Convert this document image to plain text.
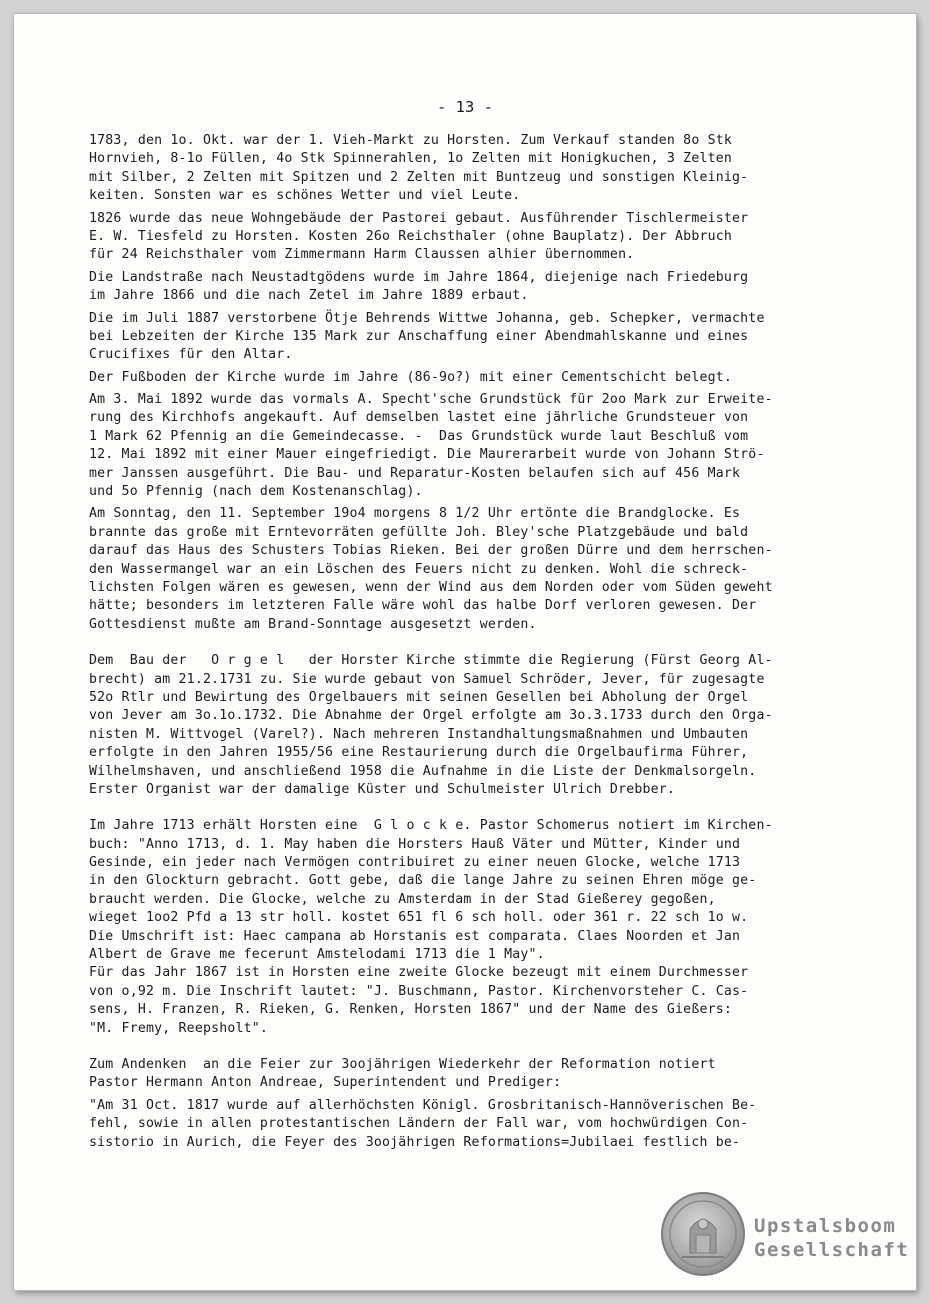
- 13 -
1783, den 1o. Okt. war der 1. Vieh-Markt zu Horsten. Zum Verkauf standen 8o Stk
Hornvieh, 8-1o Füllen, 4o Stk Spinnerahlen, 1o Zelten mit Honigkuchen, 3 Zelten
mit Silber, 2 Zelten mit Spitzen und 2 Zelten mit Buntzeug und sonstigen Kleinig-
keiten. Sonsten war es schönes Wetter und viel Leute.
1826 wurde das neue Wohngebäude der Pastorei gebaut. Ausführender Tischlermeister
E. W. Tiesfeld zu Horsten. Kosten 26o Reichsthaler (ohne Bauplatz). Der Abbruch
für 24 Reichsthaler vom Zimmermann Harm Claussen alhier übernommen.
Die Landstraße nach Neustadtgödens wurde im Jahre 1864, diejenige nach Friedeburg
im Jahre 1866 und die nach Zetel im Jahre 1889 erbaut.
Die im Juli 1887 verstorbene Ötje Behrends Wittwe Johanna, geb. Schepker, vermachte
bei Lebzeiten der Kirche 135 Mark zur Anschaffung einer Abendmahlskanne und eines
Crucifixes für den Altar.
Der Fußboden der Kirche wurde im Jahre (86-9o?) mit einer Cementschicht belegt.
Am 3. Mai 1892 wurde das vormals A. Specht'sche Grundstück für 2oo Mark zur Erweite-
rung des Kirchhofs angekauft. Auf demselben lastet eine jährliche Grundsteuer von
1 Mark 62 Pfennig an die Gemeindecasse. -  Das Grundstück wurde laut Beschluß vom
12. Mai 1892 mit einer Mauer eingefriedigt. Die Maurerarbeit wurde von Johann Strö-
mer Janssen ausgeführt. Die Bau- und Reparatur-Kosten belaufen sich auf 456 Mark
und 5o Pfennig (nach dem Kostenanschlag).
Am Sonntag, den 11. September 19o4 morgens 8 1/2 Uhr ertönte die Brandglocke. Es
brannte das große mit Erntevorräten gefüllte Joh. Bley'sche Platzgebäude und bald
darauf das Haus des Schusters Tobias Rieken. Bei der großen Dürre und dem herrschen-
den Wassermangel war an ein Löschen des Feuers nicht zu denken. Wohl die schreck-
lichsten Folgen wären es gewesen, wenn der Wind aus dem Norden oder vom Süden geweht
hätte; besonders im letzteren Falle wäre wohl das halbe Dorf verloren gewesen. Der
Gottesdienst mußte am Brand-Sonntage ausgesetzt werden.
Dem  Bau der   O r g e l   der Horster Kirche stimmte die Regierung (Fürst Georg Al-
brecht) am 21.2.1731 zu. Sie wurde gebaut von Samuel Schröder, Jever, für zugesagte
52o Rtlr und Bewirtung des Orgelbauers mit seinen Gesellen bei Abholung der Orgel
von Jever am 3o.1o.1732. Die Abnahme der Orgel erfolgte am 3o.3.1733 durch den Orga-
nisten M. Wittvogel (Varel?). Nach mehreren Instandhaltungsmaßnahmen und Umbauten
erfolgte in den Jahren 1955/56 eine Restaurierung durch die Orgelbaufirma Führer,
Wilhelmshaven, und anschließend 1958 die Aufnahme in die Liste der Denkmalsorgeln.
Erster Organist war der damalige Küster und Schulmeister Ulrich Drebber.
Im Jahre 1713 erhält Horsten eine  G l o c k e. Pastor Schomerus notiert im Kirchen-
buch: "Anno 1713, d. 1. May haben die Horsters Hauß Väter und Mütter, Kinder und
Gesinde, ein jeder nach Vermögen contribuiret zu einer neuen Glocke, welche 1713
in den Glockturn gebracht. Gott gebe, daß die lange Jahre zu seinen Ehren möge ge-
braucht werden. Die Glocke, welche zu Amsterdam in der Stad Gießerey gegoßen,
wieget 1oo2 Pfd a 13 str holl. kostet 651 fl 6 sch holl. oder 361 r. 22 sch 1o w.
Die Umschrift ist: Haec campana ab Horstanis est comparata. Claes Noorden et Jan
Albert de Grave me fecerunt Amstelodami 1713 die 1 May".
Für das Jahr 1867 ist in Horsten eine zweite Glocke bezeugt mit einem Durchmesser
von o,92 m. Die Inschrift lautet: "J. Buschmann, Pastor. Kirchenvorsteher C. Cas-
sens, H. Franzen, R. Rieken, G. Renken, Horsten 1867" und der Name des Gießers:
"M. Fremy, Reepsholt".
Zum Andenken  an die Feier zur 3oojährigen Wiederkehr der Reformation notiert
Pastor Hermann Anton Andreae, Superintendent und Prediger:
"Am 31 Oct. 1817 wurde auf allerhöchsten Königl. Grosbritanisch-Hannöverischen Be-
fehl, sowie in allen protestantischen Ländern der Fall war, vom hochwürdigen Con-
sistorio in Aurich, die Feyer des 3oojährigen Reformations=Jubilaei festlich be-
Upstalsboom
Gesellschaft
